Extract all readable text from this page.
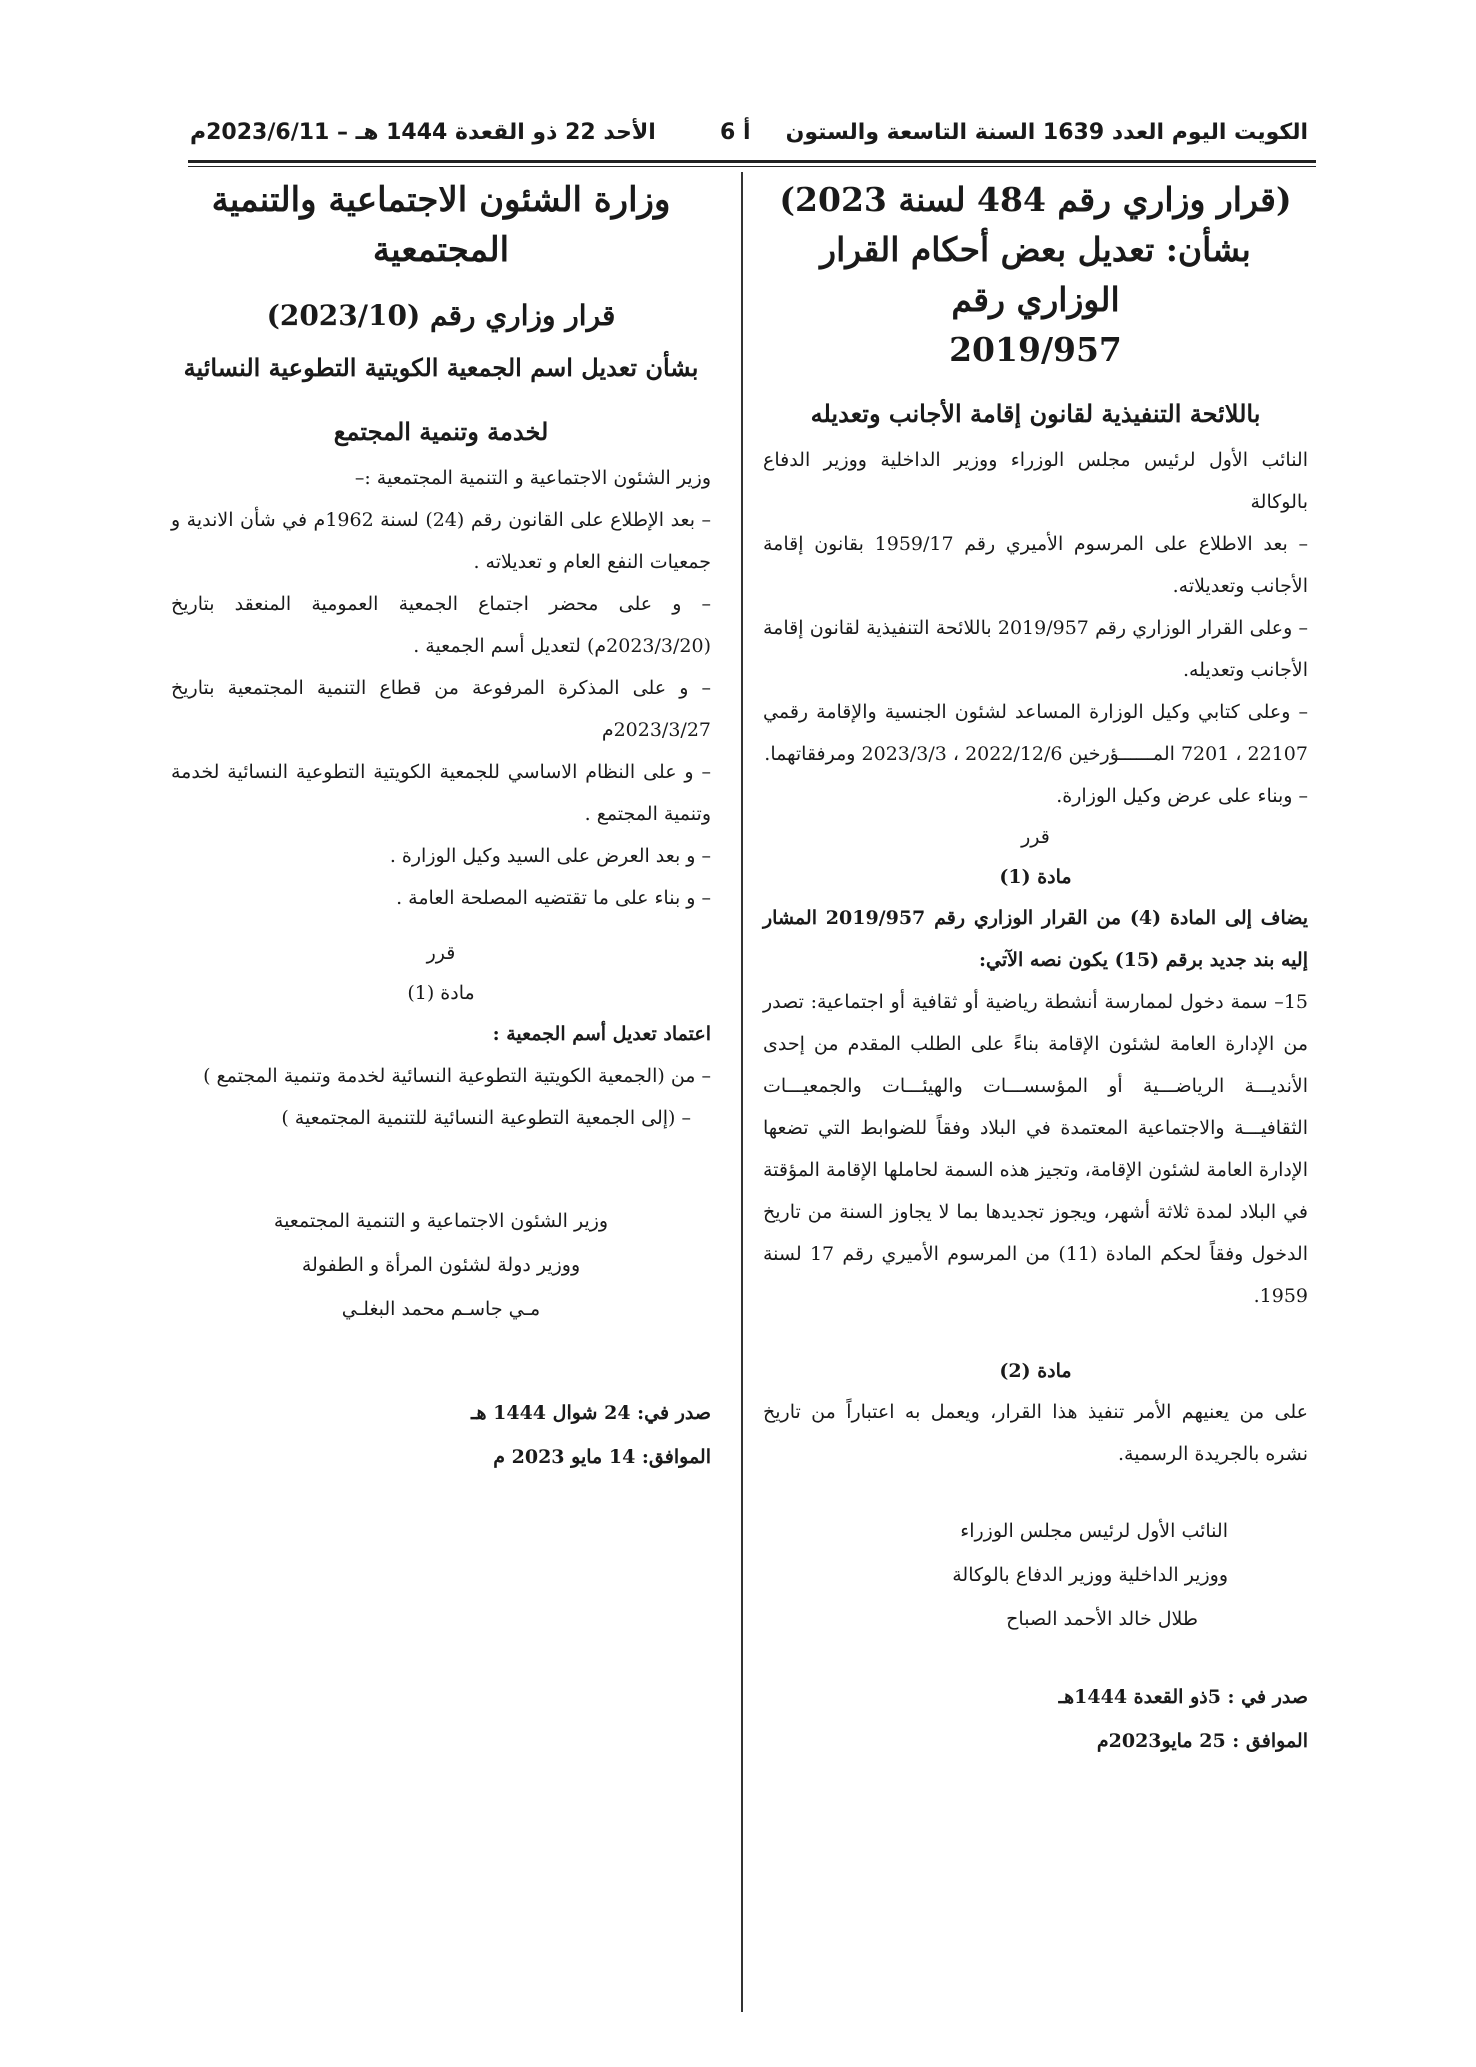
الكويت اليوم العدد 1639 السنة التاسعة والستون
أ 6
الأحد 22 ذو القعدة 1444 هـ – 2023/6/11م
(قرار وزاري رقم 484 لسنة 2023)
بشأن: تعديل بعض أحكام القرار الوزاري رقم
2019/957
باللائحة التنفيذية لقانون إقامة الأجانب وتعديله

النائب الأول لرئيس مجلس الوزراء ووزير الداخلية ووزير الدفاع بالوكالة

– بعد الاطلاع على المرسوم الأميري رقم 1959/17 بقانون إقامة الأجانب وتعديلاته.

– وعلى القرار الوزاري رقم 2019/957 باللائحة التنفيذية لقانون إقامة الأجانب وتعديله.

– وعلى كتابي وكيل الوزارة المساعد لشئون الجنسية والإقامة رقمي 22107 ، 7201 المــــــؤرخين 2022/12/6 ، 2023/3/3 ومرفقاتهما.

– وبناء على عرض وكيل الوزارة.

قرر
مادة (1)

يضاف إلى المادة (4) من القرار الوزاري رقم 2019/957 المشار إليه بند جديد برقم (15) يكون نصه الآتي:

15– سمة دخول لممارسة أنشطة رياضية أو ثقافية أو اجتماعية: تصدر من الإدارة العامة لشئون الإقامة بناءً على الطلب المقدم من إحدى الأنديـــة الرياضـــية أو المؤسســـات والهيئـــات والجمعيـــات الثقافيـــة والاجتماعية المعتمدة في البلاد وفقاً للضوابط التي تضعها الإدارة العامة لشئون الإقامة، وتجيز هذه السمة لحاملها الإقامة المؤقتة في البلاد لمدة ثلاثة أشهر، ويجوز تجديدها بما لا يجاوز السنة من تاريخ الدخول وفقاً لحكم المادة (11) من المرسوم الأميري رقم 17 لسنة 1959.

مادة (2)

على من يعنيهم الأمر تنفيذ هذا القرار، ويعمل به اعتباراً من تاريخ نشره بالجريدة الرسمية.

النائب الأول لرئيس مجلس الوزراء
ووزير الداخلية ووزير الدفاع بالوكالة
طلال خالد الأحمد الصباح
صدر في : 5ذو القعدة 1444هـ
الموافق : 25 مايو2023م
وزارة الشئون الاجتماعية والتنمية المجتمعية
قرار وزاري رقم (2023/10)
بشأن تعديل اسم الجمعية الكويتية التطوعية النسائية
لخدمة وتنمية المجتمع

وزير الشئون الاجتماعية و التنمية المجتمعية :–

– بعد الإطلاع على القانون رقم (24) لسنة 1962م في شأن الاندية و جمعيات النفع العام و تعديلاته .

– و على محضر اجتماع الجمعية العمومية المنعقد بتاريخ (2023/3/20م) لتعديل أسم الجمعية .

– و على المذكرة المرفوعة من قطاع التنمية المجتمعية بتاريخ 2023/3/27م

– و على النظام الاساسي للجمعية الكويتية التطوعية النسائية لخدمة وتنمية المجتمع .

– و بعد العرض على السيد وكيل الوزارة .

– و بناء على ما تقتضيه المصلحة العامة .

قرر
مادة (1)

اعتماد تعديل أسم الجمعية :

– من (الجمعية الكويتية التطوعية النسائية لخدمة وتنمية المجتمع )

– (إلى الجمعية التطوعية النسائية للتنمية المجتمعية )

وزير الشئون الاجتماعية و التنمية المجتمعية
ووزير دولة لشئون المرأة و الطفولة
مـي جاسـم محمد البغلـي
صدر في: 24 شوال 1444 هـ
الموافق: 14 مايو 2023 م
